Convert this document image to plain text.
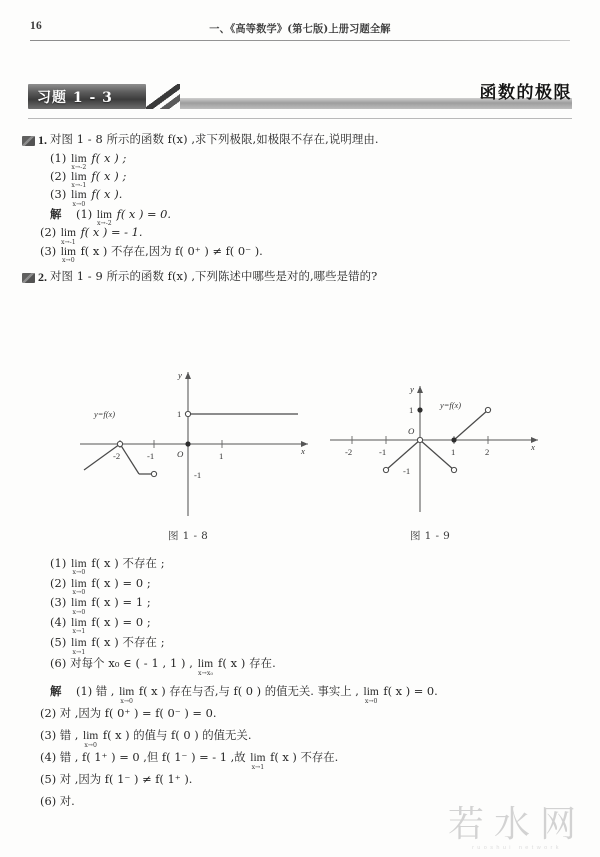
16	一、《高等数学》(第七版)上册习题全解
习题 1 - 3	函数的极限
1. 对图 1 - 8 所示的函数 f(x) ,求下列极限,如极限不存在,说明理由.
(1) lim
x→-2
f( x ) ;
(2) lim
x→-1
f( x ) ;
(3) lim
x→0
f( x ).
解 (1) lim
x→-2
f( x ) = 0.
(2) lim
x→-1
f( x ) = - 1.
(3) lim
x→0
f( x ) 不存在,因为 f( 0⁺ ) ≠ f( 0⁻ ).
2. 对图 1 - 9 所示的函数 f(x) ,下列陈述中哪些是对的,哪些是错的?
x
y
O
-2	-1	1
1
-1
y=f(x)
x
y
O
-2	-1	1	2
1
-1
y=f(x)
图 1 - 8	图 1 - 9
(1) lim
x→0
f( x ) 不存在 ;
(2) lim
x→0
f( x ) = 0 ;
(3) lim
x→0
f( x ) = 1 ;
(4) lim
x→1
f( x ) = 0 ;
(5) lim
x→1
f( x ) 不存在 ;
(6) 对每个 x₀ ∈ ( - 1 , 1 ) , lim
x→x₀
f( x ) 存在.
解 (1) 错 , lim
x→0
f( x ) 存在与否,与 f( 0 ) 的值无关. 事实上 , lim
x→0
f( x ) = 0.
(2) 对 ,因为 f( 0⁺ ) = f( 0⁻ ) = 0.
(3) 错 , lim
x→0
f( x ) 的值与 f( 0 ) 的值无关.
(4) 错 , f( 1⁺ ) = 0 ,但 f( 1⁻ ) = - 1 ,故 lim
x→1
f( x ) 不存在.
(5) 对 ,因为 f( 1⁻ ) ≠ f( 1⁺ ).
(6) 对.
若水网
ruoshui network
